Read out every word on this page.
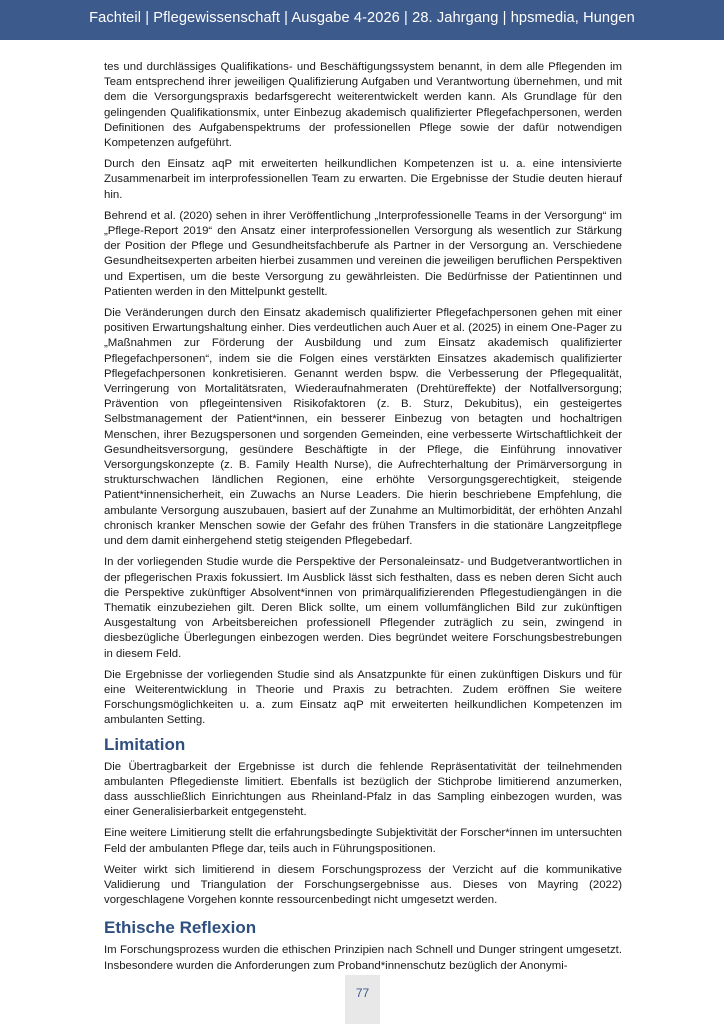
Fachteil | Pflegewissenschaft | Ausgabe 4-2026 | 28. Jahrgang | hpsmedia, Hungen

tes und durchlässiges Qualifikations- und Beschäftigungssystem benannt, in dem alle Pflegenden im Team entsprechend ihrer jeweiligen Qualifizierung Aufgaben und Verantwortung übernehmen, und mit dem die Versorgungspraxis bedarfsgerecht weiterentwickelt werden kann. Als Grundlage für den gelingenden Qualifikationsmix, unter Einbezug akademisch qualifizierter Pflegefachpersonen, werden Definitionen des Aufgabenspektrums der professionellen Pflege sowie der dafür notwendigen Kompetenzen aufgeführt.

Durch den Einsatz aqP mit erweiterten heilkundlichen Kompetenzen ist u. a. eine intensivierte Zusammenarbeit im interprofessionellen Team zu erwarten. Die Ergebnisse der Studie deuten hierauf hin.

Behrend et al. (2020) sehen in ihrer Veröffentlichung „Interprofessionelle Teams in der Versorgung“ im „Pflege-Report 2019“ den Ansatz einer interprofessionellen Versorgung als wesentlich zur Stärkung der Position der Pflege und Gesundheitsfachberufe als Partner in der Versorgung an. Verschiedene Gesundheitsexperten arbeiten hierbei zusammen und vereinen die jeweiligen beruflichen Perspektiven und Expertisen, um die beste Versorgung zu gewährleisten. Die Bedürfnisse der Patientinnen und Patienten werden in den Mittelpunkt gestellt.

Die Veränderungen durch den Einsatz akademisch qualifizierter Pflegefachpersonen gehen mit einer positiven Erwartungshaltung einher. Dies verdeutlichen auch Auer et al. (2025) in einem One-Pager zu „Maßnahmen zur Förderung der Ausbildung und zum Einsatz akademisch qualifizierter Pflegefachpersonen“, indem sie die Folgen eines verstärkten Einsatzes akademisch qualifizierter Pflegefachpersonen konkretisieren. Genannt werden bspw. die Verbesserung der Pflegequalität, Verringerung von Mortalitätsraten, Wiederaufnahmeraten (Drehtüreffekte) der Notfallversorgung; Prävention von pflegeintensiven Risikofaktoren (z. B. Sturz, Dekubitus), ein gesteigertes Selbstmanagement der Patient*innen, ein besserer Einbezug von betagten und hochaltrigen Menschen, ihrer Bezugspersonen und sorgenden Gemeinden, eine verbesserte Wirtschaftlichkeit der Gesundheitsversorgung, gesündere Beschäftigte in der Pflege, die Einführung innovativer Versorgungskonzepte (z. B. Family Health Nurse), die Aufrechterhaltung der Primärversorgung in strukturschwachen ländlichen Regionen, eine erhöhte Versorgungsgerechtigkeit, steigende Patient*innensicherheit, ein Zuwachs an Nurse Leaders. Die hierin beschriebene Empfehlung, die ambulante Versorgung auszubauen, basiert auf der Zunahme an Multimorbidität, der erhöhten Anzahl chronisch kranker Menschen sowie der Gefahr des frühen Transfers in die stationäre Langzeitpflege und dem damit einhergehend stetig steigenden Pflegebedarf.

In der vorliegenden Studie wurde die Perspektive der Personaleinsatz- und Budgetverantwortlichen in der pflegerischen Praxis fokussiert. Im Ausblick lässt sich festhalten, dass es neben deren Sicht auch die Perspektive zukünftiger Absolvent*innen von primärqualifizierenden Pflegestudiengängen in die Thematik einzubeziehen gilt. Deren Blick sollte, um einem vollumfänglichen Bild zur zukünftigen Ausgestaltung von Arbeitsbereichen professionell Pflegender zuträglich zu sein, zwingend in diesbezügliche Überlegungen einbezogen werden. Dies begründet weitere Forschungsbestrebungen in diesem Feld.

Die Ergebnisse der vorliegenden Studie sind als Ansatzpunkte für einen zukünftigen Diskurs und für eine Weiterentwicklung in Theorie und Praxis zu betrachten. Zudem eröffnen Sie weitere Forschungsmöglichkeiten u. a. zum Einsatz aqP mit erweiterten heilkundlichen Kompetenzen im ambulanten Setting.

Limitation

Die Übertragbarkeit der Ergebnisse ist durch die fehlende Repräsentativität der teilnehmenden ambulanten Pflegedienste limitiert. Ebenfalls ist bezüglich der Stichprobe limitierend anzumerken, dass ausschließlich Einrichtungen aus Rheinland-Pfalz in das Sampling einbezogen wurden, was einer Generalisierbarkeit entgegensteht.

Eine weitere Limitierung stellt die erfahrungsbedingte Subjektivität der Forscher*innen im untersuchten Feld der ambulanten Pflege dar, teils auch in Führungspositionen.

Weiter wirkt sich limitierend in diesem Forschungsprozess der Verzicht auf die kommunikative Validierung und Triangulation der Forschungsergebnisse aus. Dieses von Mayring (2022) vorgeschlagene Vorgehen konnte ressourcenbedingt nicht umgesetzt werden.

Ethische Reflexion

Im Forschungsprozess wurden die ethischen Prinzipien nach Schnell und Dunger stringent umgesetzt. Insbesondere wurden die Anforderungen zum Proband*innenschutz bezüglich der Anonymi-

77
